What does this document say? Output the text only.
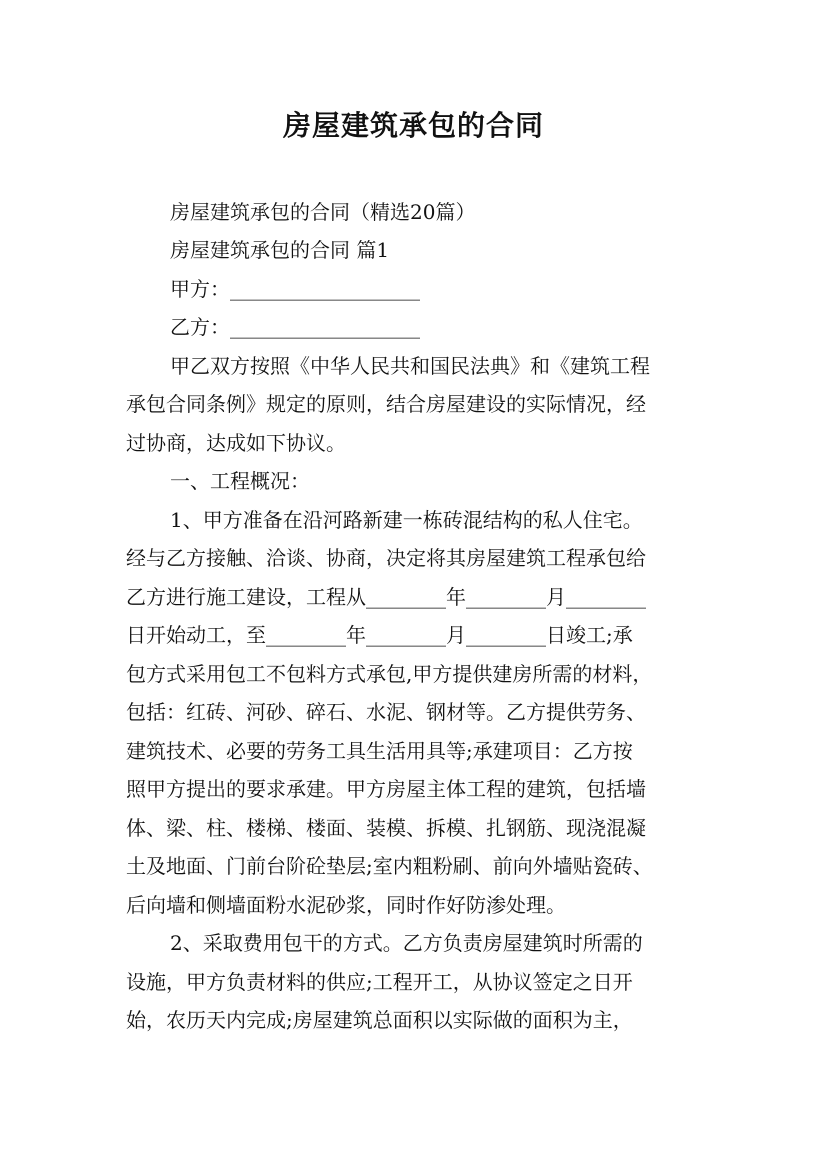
房屋建筑承包的合同
房屋建筑承包的合同（精选20篇）
房屋建筑承包的合同 篇1
甲方：___________________
乙方：___________________
甲乙双方按照《中华人民共和国民法典》和《建筑工程
承包合同条例》规定的原则，结合房屋建设的实际情况，经
过协商，达成如下协议。
一、工程概况：
1、甲方准备在沿河路新建一栋砖混结构的私人住宅。
经与乙方接触、洽谈、协商，决定将其房屋建筑工程承包给
乙方进行施工建设，工程从________年________月________
日开始动工，至________年________月________日竣工;承
包方式采用包工不包料方式承包,甲方提供建房所需的材料，
包括：红砖、河砂、碎石、水泥、钢材等。乙方提供劳务、
建筑技术、必要的劳务工具生活用具等;承建项目：乙方按
照甲方提出的要求承建。甲方房屋主体工程的建筑，包括墙
体、梁、柱、楼梯、楼面、装模、拆模、扎钢筋、现浇混凝
土及地面、门前台阶砼垫层;室内粗粉刷、前向外墙贴瓷砖、
后向墙和侧墙面粉水泥砂浆，同时作好防渗处理。
2、采取费用包干的方式。乙方负责房屋建筑时所需的
设施，甲方负责材料的供应;工程开工，从协议签定之日开
始，农历天内完成;房屋建筑总面积以实际做的面积为主，
